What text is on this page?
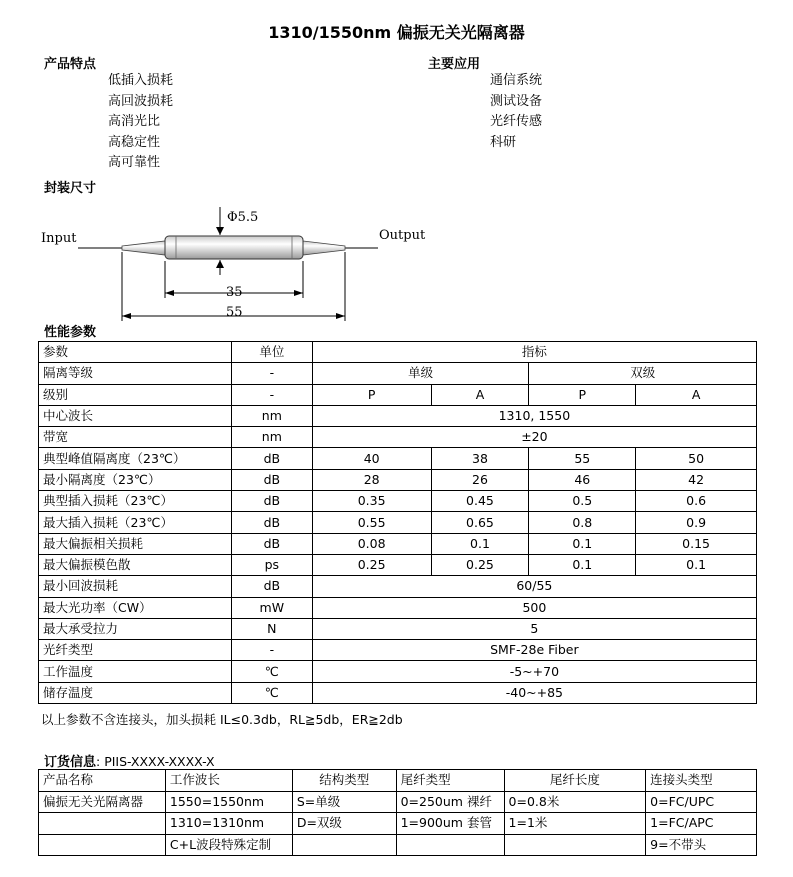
1310/1550nm 偏振无关光隔离器
产品特点
低插入损耗
高回波损耗
高消光比
高稳定性
高可靠性
主要应用
通信系统
测试设备
光纤传感
科研
封装尺寸
Input	Output
Φ5.5
35
55
性能参数
参数	单位	指标			
隔离等级	-	单级		双级	
级别	-	P	A	P	A
中心波长	nm	1310, 1550			
带宽	nm	±20			
典型峰值隔离度（23℃）	dB	40	38	55	50
最小隔离度（23℃）	dB	28	26	46	42
典型插入损耗（23℃）	dB	0.35	0.45	0.5	0.6
最大插入损耗（23℃）	dB	0.55	0.65	0.8	0.9
最大偏振相关损耗	dB	0.08	0.1	0.1	0.15
最大偏振模色散	ps	0.25	0.25	0.1	0.1
最小回波损耗	dB	60/55			
最大光功率（CW）	mW	500			
最大承受拉力	N	5			
光纤类型	-	SMF-28e Fiber			
工作温度	℃	-5~+70			
储存温度	℃	-40~+85			
以上参数不含连接头，加头损耗 IL≤0.3db，RL≧5db，ER≧2db
订货信息: PIIS-XXXX-XXXX-X
产品名称	工作波长	结构类型	尾纤类型	尾纤长度	连接头类型
偏振无关光隔离器	1550=1550nm	S=单级	0=250um 裸纤	0=0.8米	0=FC/UPC
	1310=1310nm	D=双级	1=900um 套管	1=1米	1=FC/APC
	C+L波段特殊定制				9=不带头
